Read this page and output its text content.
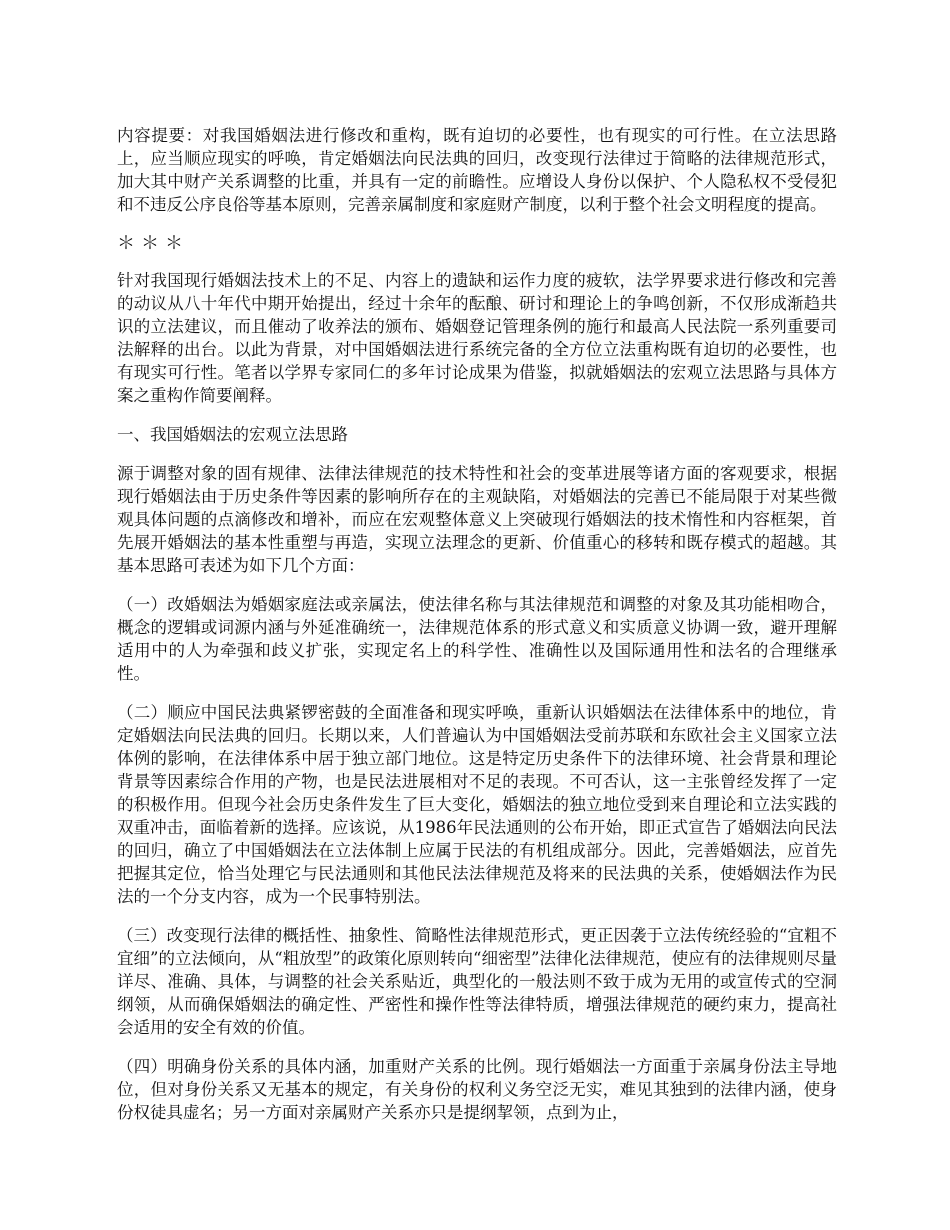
内容提要：对我国婚姻法进行修改和重构，既有迫切的必要性，也有现实的可行性。在立法思路上，应当顺应现实的呼唤，肯定婚姻法向民法典的回归，改变现行法律过于简略的法律规范形式，加大其中财产关系调整的比重，并具有一定的前瞻性。应增设人身份以保护、个人隐私权不受侵犯和不违反公序良俗等基本原则，完善亲属制度和家庭财产制度，以利于整个社会文明程度的提高。

＊＊＊

针对我国现行婚姻法技术上的不足、内容上的遗缺和运作力度的疲软，法学界要求进行修改和完善的动议从八十年代中期开始提出，经过十余年的酝酿、研讨和理论上的争鸣创新，不仅形成渐趋共识的立法建议，而且催动了收养法的颁布、婚姻登记管理条例的施行和最高人民法院一系列重要司法解释的出台。以此为背景，对中国婚姻法进行系统完备的全方位立法重构既有迫切的必要性，也有现实可行性。笔者以学界专家同仁的多年讨论成果为借鉴，拟就婚姻法的宏观立法思路与具体方案之重构作简要阐释。

一、我国婚姻法的宏观立法思路

源于调整对象的固有规律、法律法律规范的技术特性和社会的变革进展等诸方面的客观要求，根据现行婚姻法由于历史条件等因素的影响所存在的主观缺陷，对婚姻法的完善已不能局限于对某些微观具体问题的点滴修改和增补，而应在宏观整体意义上突破现行婚姻法的技术惰性和内容框架，首先展开婚姻法的基本性重塑与再造，实现立法理念的更新、价值重心的移转和既存模式的超越。其基本思路可表述为如下几个方面：

（一）改婚姻法为婚姻家庭法或亲属法，使法律名称与其法律规范和调整的对象及其功能相吻合，概念的逻辑或词源内涵与外延准确统一，法律规范体系的形式意义和实质意义协调一致，避开理解适用中的人为牵强和歧义扩张，实现定名上的科学性、准确性以及国际通用性和法名的合理继承性。

（二）顺应中国民法典紧锣密鼓的全面准备和现实呼唤，重新认识婚姻法在法律体系中的地位，肯定婚姻法向民法典的回归。长期以来，人们普遍认为中国婚姻法受前苏联和东欧社会主义国家立法体例的影响，在法律体系中居于独立部门地位。这是特定历史条件下的法律环境、社会背景和理论背景等因素综合作用的产物，也是民法进展相对不足的表现。不可否认，这一主张曾经发挥了一定的积极作用。但现今社会历史条件发生了巨大变化，婚姻法的独立地位受到来自理论和立法实践的双重冲击，面临着新的选择。应该说，从1986年民法通则的公布开始，即正式宣告了婚姻法向民法的回归，确立了中国婚姻法在立法体制上应属于民法的有机组成部分。因此，完善婚姻法，应首先把握其定位，恰当处理它与民法通则和其他民法法律规范及将来的民法典的关系，使婚姻法作为民法的一个分支内容，成为一个民事特别法。

（三）改变现行法律的概括性、抽象性、简略性法律规范形式，更正因袭于立法传统经验的“宜粗不宜细”的立法倾向，从“粗放型”的政策化原则转向“细密型”法律化法律规范，使应有的法律规则尽量详尽、准确、具体，与调整的社会关系贴近，典型化的一般法则不致于成为无用的或宣传式的空洞纲领，从而确保婚姻法的确定性、严密性和操作性等法律特质，增强法律规范的硬约束力，提高社会适用的安全有效的价值。

（四）明确身份关系的具体内涵，加重财产关系的比例。现行婚姻法一方面重于亲属身份法主导地位，但对身份关系又无基本的规定，有关身份的权利义务空泛无实，难见其独到的法律内涵，使身份权徒具虚名；另一方面对亲属财产关系亦只是提纲挈领，点到为止，
